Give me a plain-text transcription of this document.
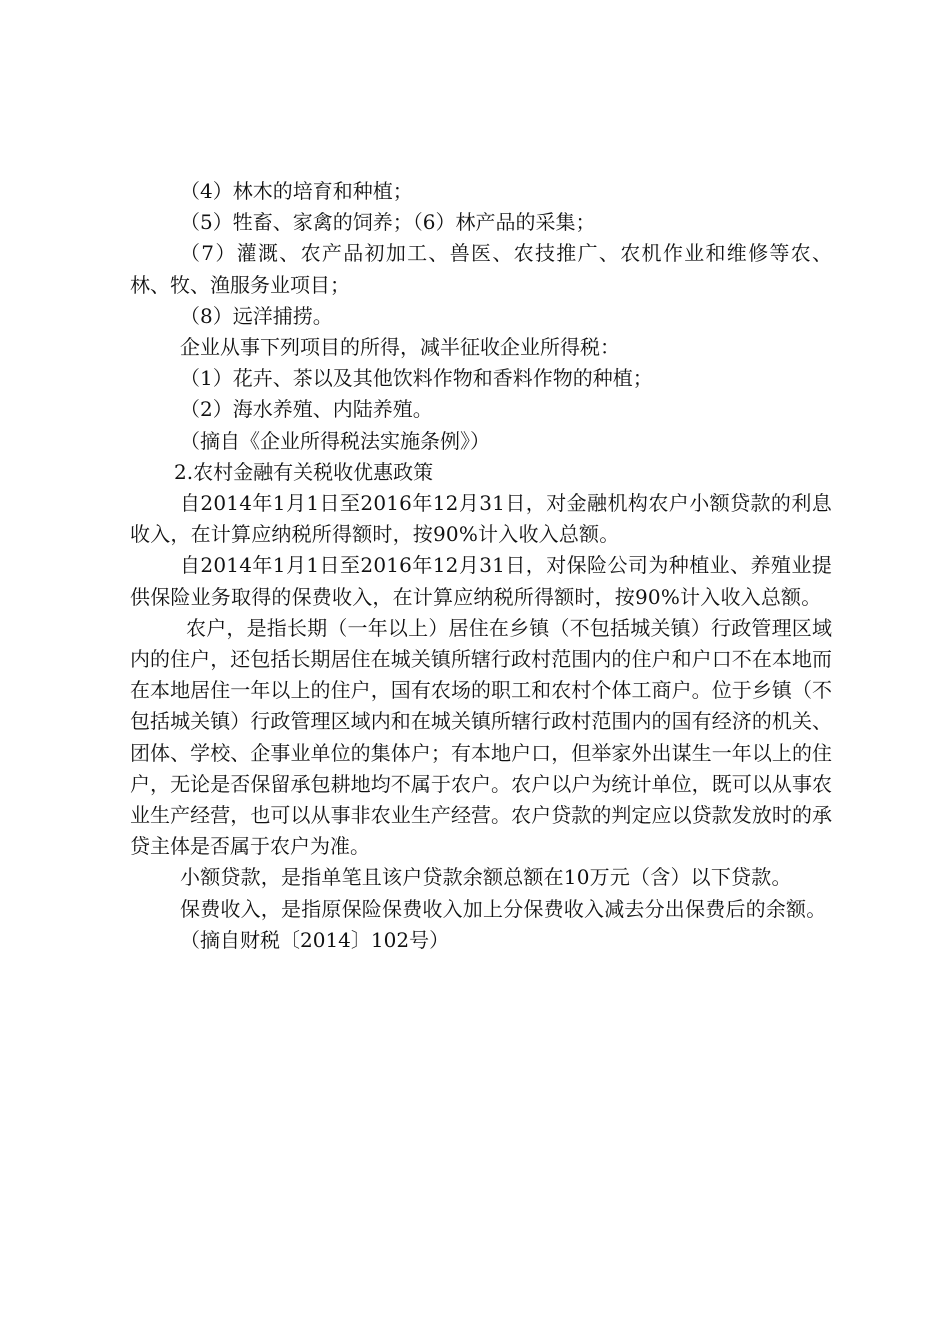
（4）林木的培育和种植；

（5）牲畜、家禽的饲养；（6）林产品的采集；

（7）灌溉、农产品初加工、兽医、农技推广、农机作业和维修等农、林、牧、渔服务业项目；

（8）远洋捕捞。

企业从事下列项目的所得，减半征收企业所得税：

（1）花卉、茶以及其他饮料作物和香料作物的种植；

（2）海水养殖、内陆养殖。

（摘自《企业所得税法实施条例》）

2.农村金融有关税收优惠政策

自2014年1月1日至2016年12月31日，对金融机构农户小额贷款的利息收入，在计算应纳税所得额时，按90%计入收入总额。

自2014年1月1日至2016年12月31日，对保险公司为种植业、养殖业提供保险业务取得的保费收入，在计算应纳税所得额时，按90%计入收入总额。

农户，是指长期（一年以上）居住在乡镇（不包括城关镇）行政管理区域内的住户，还包括长期居住在城关镇所辖行政村范围内的住户和户口不在本地而在本地居住一年以上的住户，国有农场的职工和农村个体工商户。位于乡镇（不包括城关镇）行政管理区域内和在城关镇所辖行政村范围内的国有经济的机关、团体、学校、企事业单位的集体户；有本地户口，但举家外出谋生一年以上的住户，无论是否保留承包耕地均不属于农户。农户以户为统计单位，既可以从事农业生产经营，也可以从事非农业生产经营。农户贷款的判定应以贷款发放时的承贷主体是否属于农户为准。

小额贷款，是指单笔且该户贷款余额总额在10万元（含）以下贷款。

保费收入，是指原保险保费收入加上分保费收入减去分出保费后的余额。

（摘自财税〔2014〕102号）
